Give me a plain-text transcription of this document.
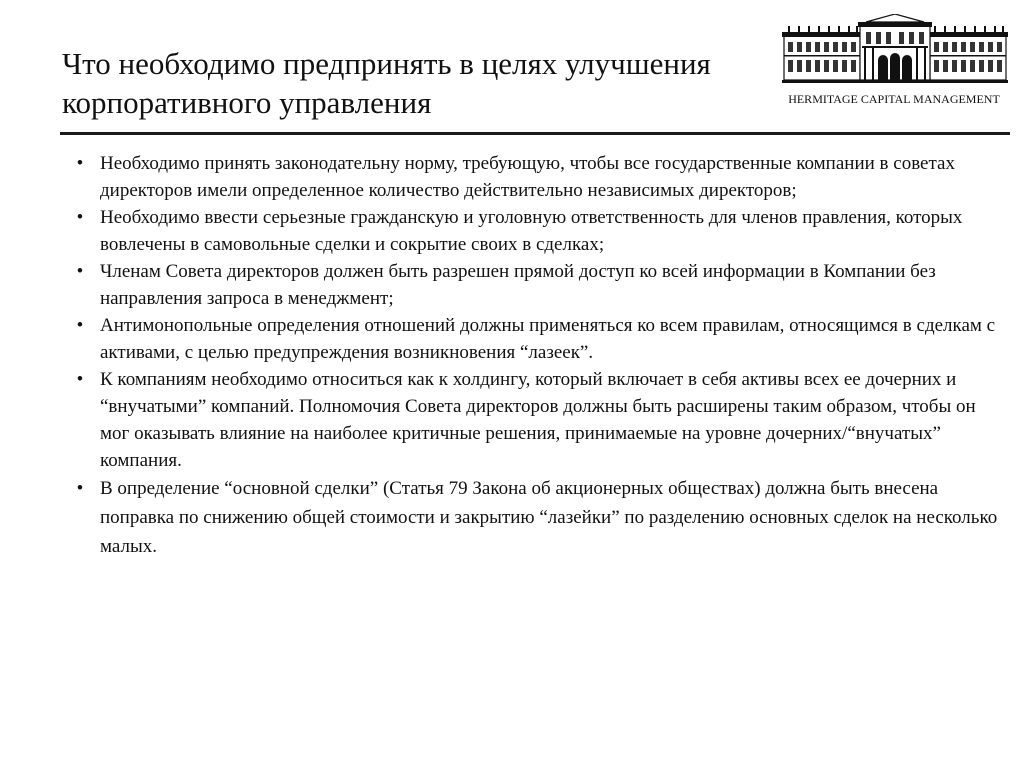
Что необходимо предпринять в целях улучшения корпоративного управления	HERMITAGE CAPITAL MANAGEMENT
• Необходимо принять законодательну норму, требующую, чтобы все государственные компании в советах директоров имели определенное количество действительно независимых директоров;
• Необходимо ввести серьезные гражданскую и уголовную ответственность для членов правления, которых вовлечены в самовольные сделки и сокрытие своих в сделках;
• Членам Совета директоров должен быть разрешен прямой доступ ко всей информации в Компании без направления запроса в менеджмент;
• Антимонопольные определения отношений должны применяться ко всем правилам, относящимся в сделкам с активами, с целью предупреждения возникновения “лазеек”.
• К компаниям необходимо относиться как к холдингу, который включает в себя активы всех ее дочерних и “внучатыми” компаний. Полномочия Совета директоров должны быть расширены таким образом, чтобы он мог оказывать влияние на наиболее критичные решения, принимаемые на уровне дочерних/“внучатых” компания.
• В определение “основной сделки” (Статья 79 Закона об акционерных обществах) должна быть внесена поправка по снижению общей стоимости и закрытию “лазейки” по разделению основных сделок на несколько малых.
